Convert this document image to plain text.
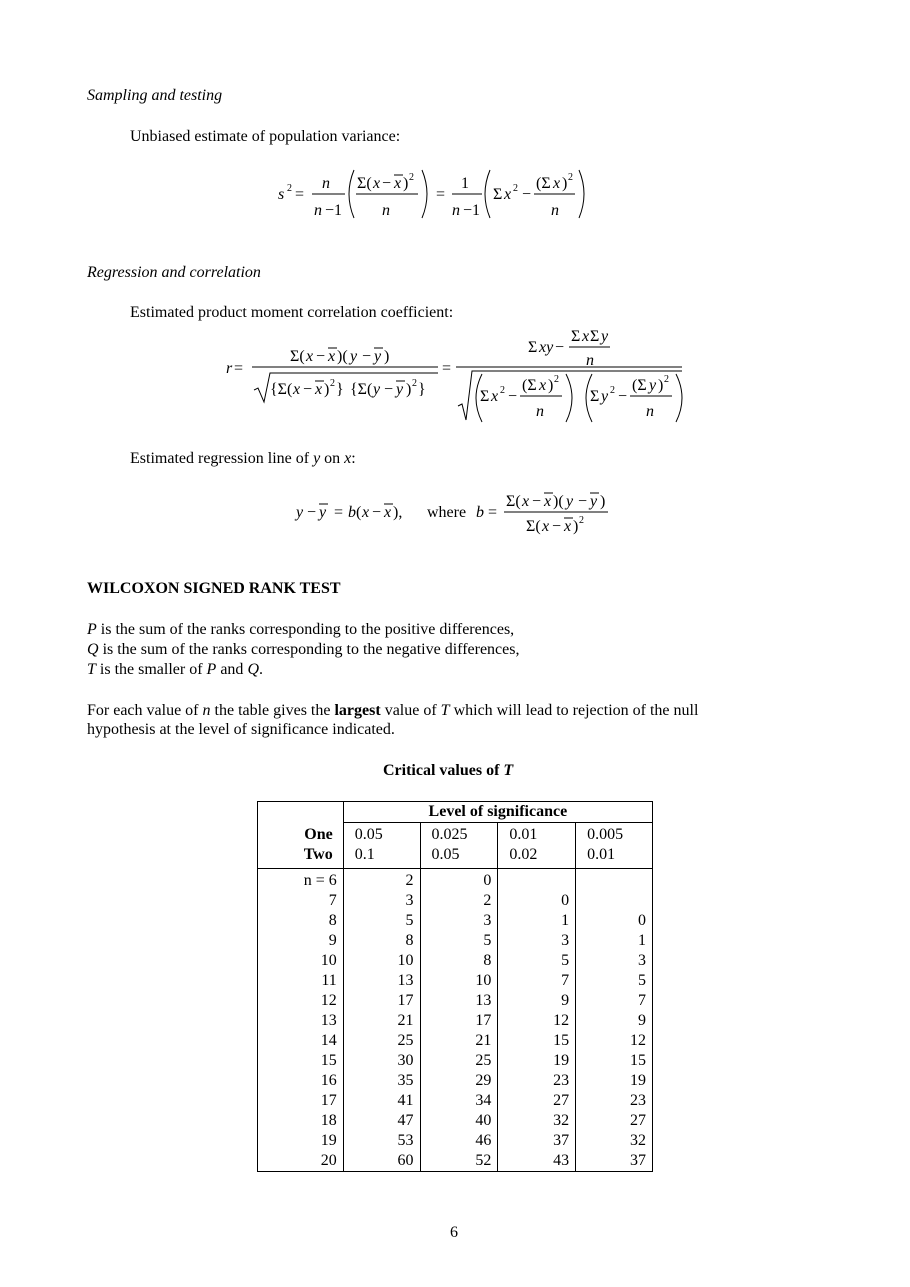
Sampling and testing
Unbiased estimate of population variance:
s 2 =
n
n −1
Σ( x − x ) 2
n
=
1
n −1
Σ x 2 −
(Σ x ) 2
n
Regression and correlation
Estimated product moment correlation coefficient:
r =
Σ( x − x )( y − y )
{Σ( x − x ) 2 } {Σ( y − y ) 2 }
=
Σ xy −
Σ x Σ y
n
Σ x 2 −
(Σ x ) 2
n
Σ y 2 −
(Σ y ) 2
n
Estimated regression line of y on x:
y − y = b ( x − x ), where b =
Σ( x − x )( y − y )
Σ( x − x ) 2
WILCOXON SIGNED RANK TEST
P is the sum of the ranks corresponding to the positive differences,
Q is the sum of the ranks corresponding to the negative differences,
T is the smaller of P and Q.
For each value of n the table gives the largest value of T which will lead to rejection of the null
hypothesis at the level of significance indicated.
Critical values of T
	Level of significance			
One	0.05	0.025	0.01	0.005
Two	0.1	0.05	0.02	0.01
n = 6	2	0		
7	3	2	0	
8	5	3	1	0
9	8	5	3	1
10	10	8	5	3
11	13	10	7	5
12	17	13	9	7
13	21	17	12	9
14	25	21	15	12
15	30	25	19	15
16	35	29	23	19
17	41	34	27	23
18	47	40	32	27
19	53	46	37	32
20	60	52	43	37
6
